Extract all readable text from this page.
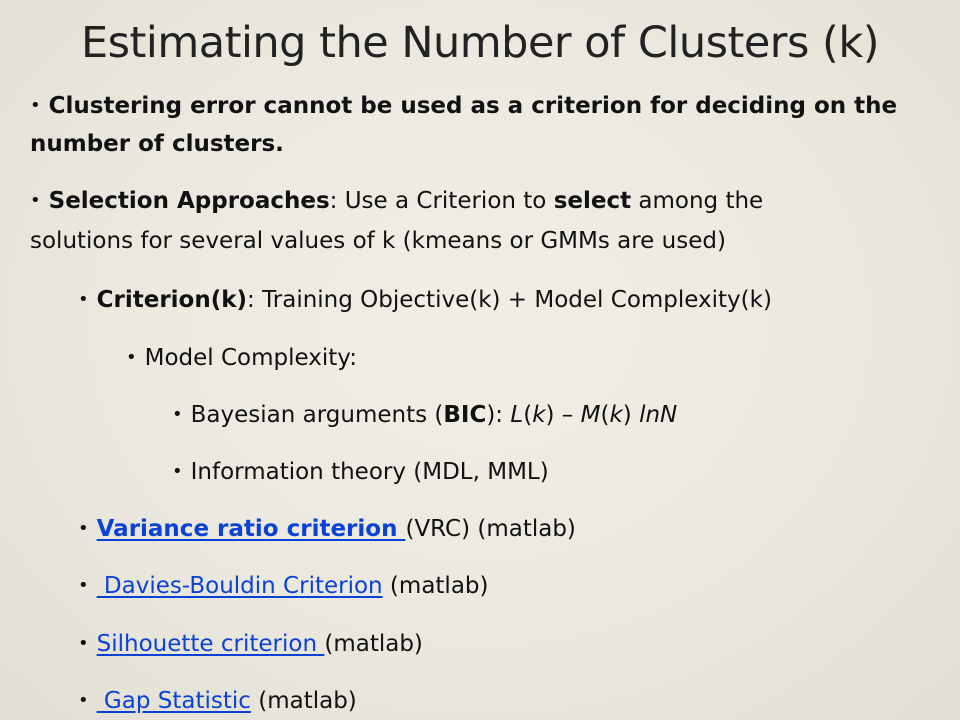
Estimating the Number of Clusters (k)
• Clustering error cannot be used as a criterion for deciding on the
number of clusters.
• Selection Approaches: Use a Criterion to select among the
solutions for several values of k (kmeans or GMMs are used)
• Criterion(k): Training Objective(k) + Model Complexity(k)
• Model Complexity:
• Bayesian arguments (BIC): L(k) – M(k) lnN
• Information theory (MDL, MML)
• Variance ratio criterion (VRC) (matlab)
• Davies-Bouldin Criterion (matlab)
• Silhouette criterion (matlab)
• Gap Statistic (matlab)
